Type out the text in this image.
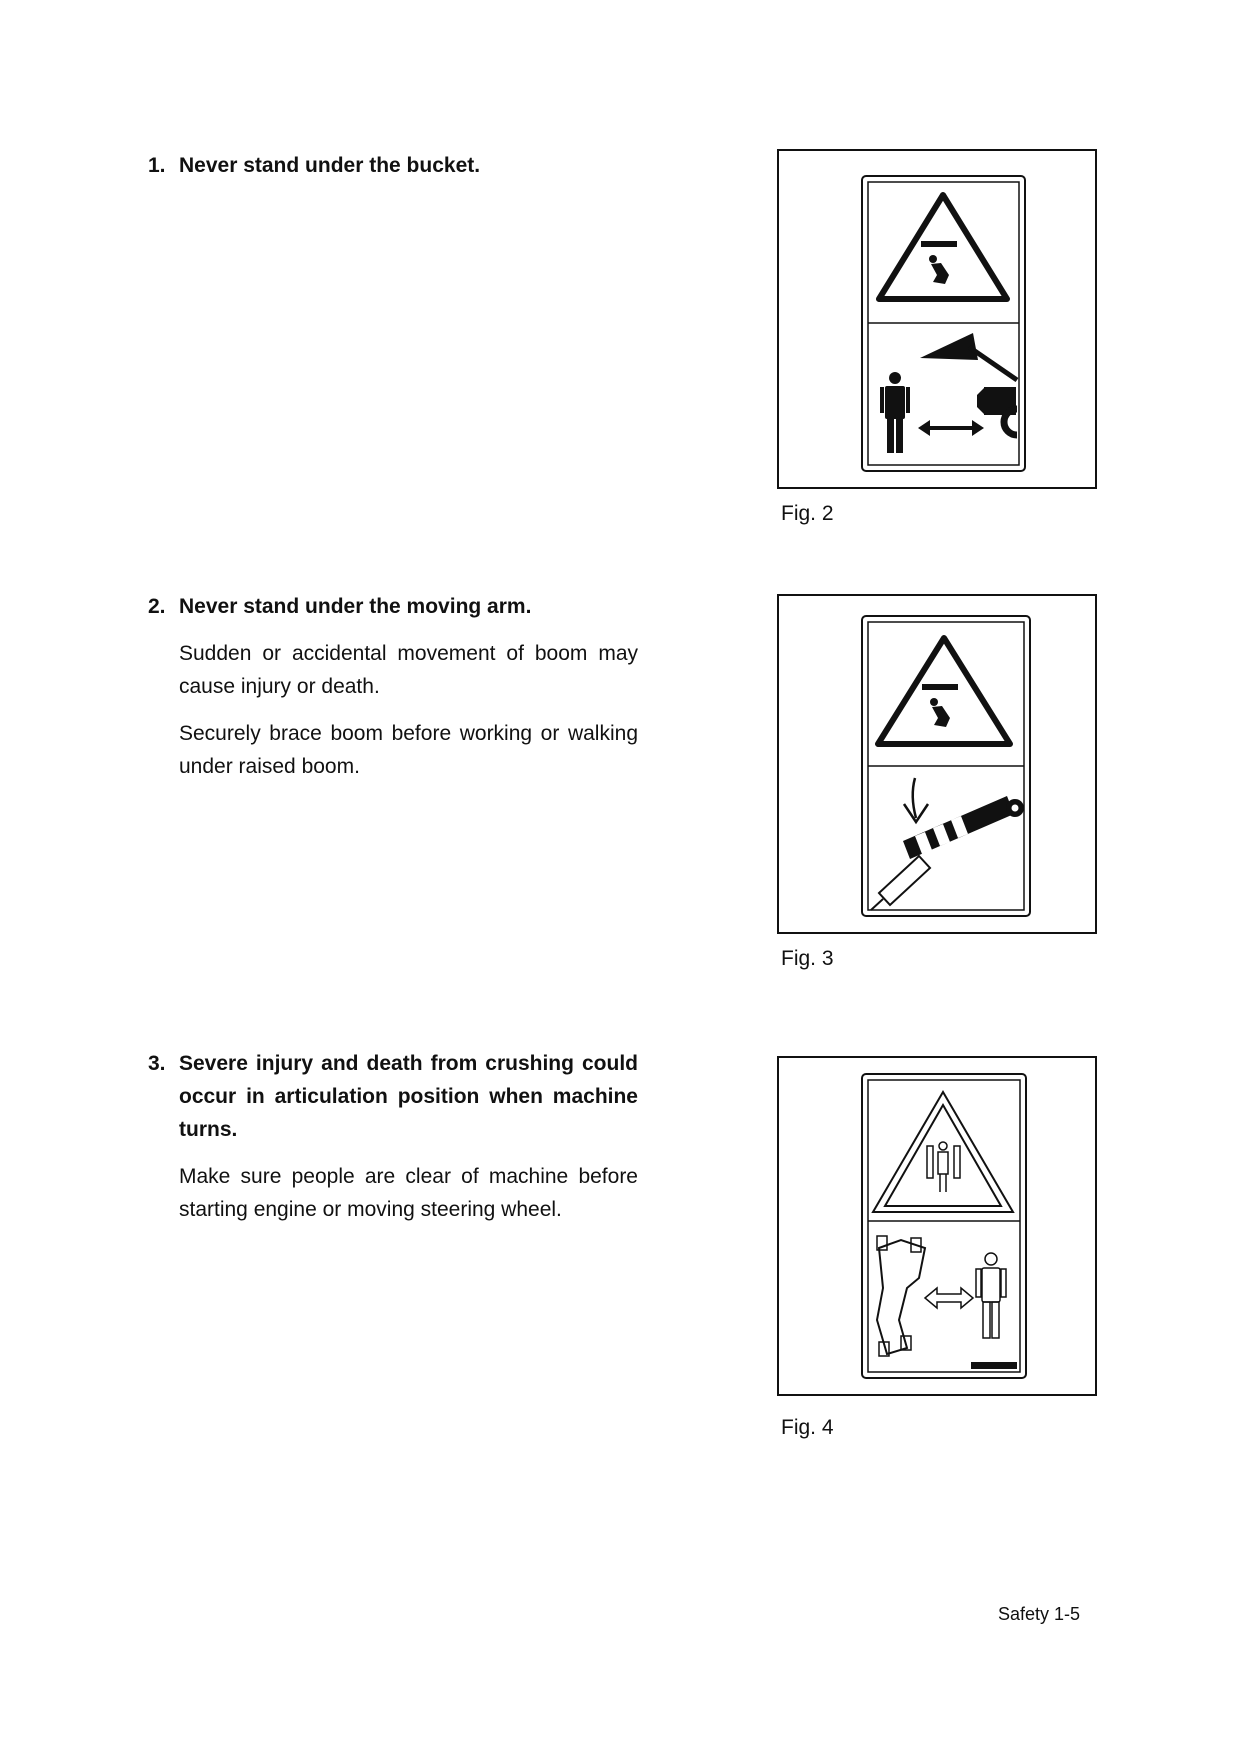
1. Never stand under the bucket.
Fig. 2
2. Never stand under the moving arm.
Sudden or accidental movement of boom may cause injury or death.
Securely brace boom before working or walking under raised boom.
Fig. 3
3. Severe injury and death from crushing could occur in articulation position when machine turns.
Make sure people are clear of machine before starting engine or moving steering wheel.
Fig. 4
Safety 1-5
